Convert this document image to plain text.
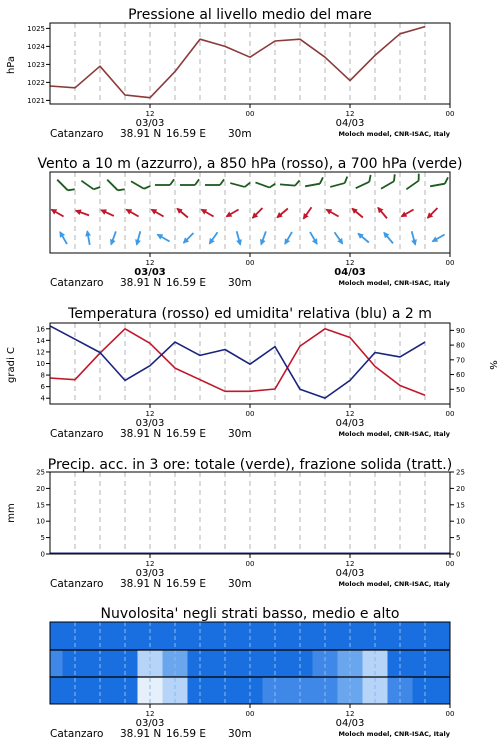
Pressione al livello medio del mare
hPa
1025
1024
1023
1022
1021
12	00	12	00
03/03	04/03
Catanzaro 38.91 N 16.59 E 30m	Moloch model, CNR-ISAC, Italy
Vento a 10 m (azzurro), a 850 hPa (rosso), a 700 hPa (verde)
12	00	12	00
03/03	04/03
Catanzaro 38.91 N 16.59 E 30m	Moloch model, CNR-ISAC, Italy
Temperatura (rosso) ed umidita' relativa (blu) a 2 m
gradi C	%
16
14
12
10
8
6
4
90
80
70
60
50
12	00	12	00
03/03	04/03
Catanzaro 38.91 N 16.59 E 30m	Moloch model, CNR-ISAC, Italy
Precip. acc. in 3 ore: totale (verde), frazione solida (tratt.)
mm
25
20
15
10
5
0
25
20
15
10
5
0
12	00	12	00
03/03	04/03
Catanzaro 38.91 N 16.59 E 30m	Moloch model, CNR-ISAC, Italy
Nuvolosita' negli strati basso, medio e alto
12	00	12	00
03/03	04/03
Catanzaro 38.91 N 16.59 E 30m	Moloch model, CNR-ISAC, Italy
